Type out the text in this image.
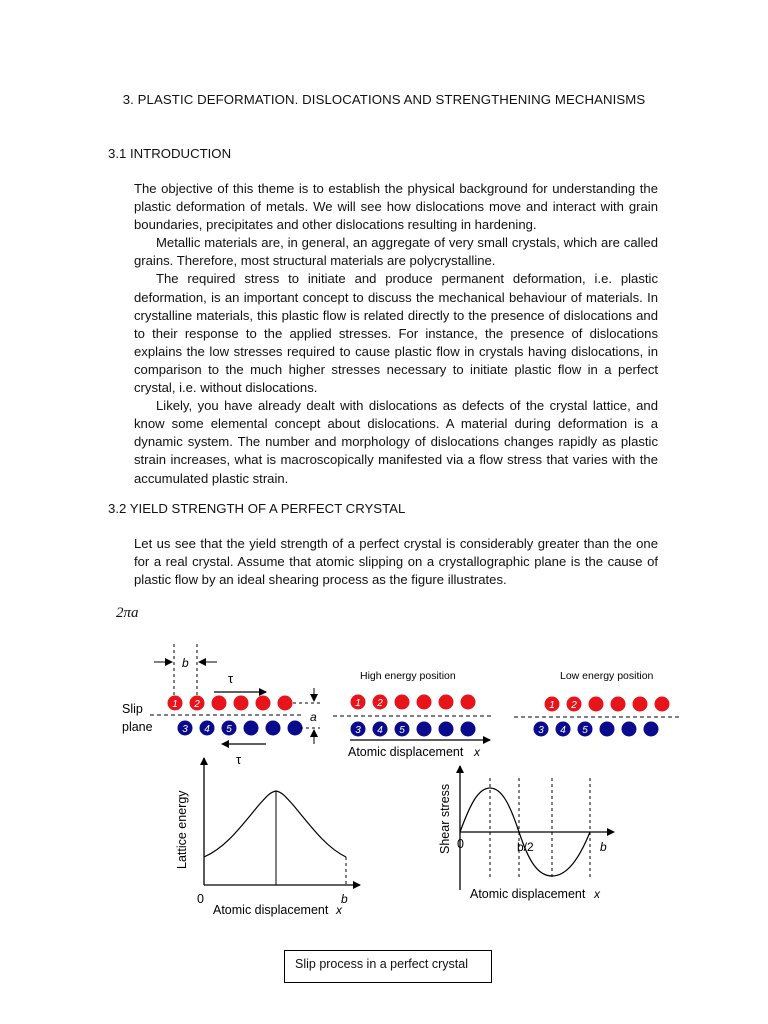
3. PLASTIC DEFORMATION. DISLOCATIONS AND STRENGTHENING MECHANISMS
3.1 INTRODUCTION

The objective of this theme is to establish the physical background for understanding the plastic deformation of metals. We will see how dislocations move and interact with grain boundaries, precipitates and other dislocations resulting in hardening.

Metallic materials are, in general, an aggregate of very small crystals, which are called grains. Therefore, most structural materials are polycrystalline.

The required stress to initiate and produce permanent deformation, i.e. plastic deformation, is an important concept to discuss the mechanical behaviour of materials. In crystalline materials, this plastic flow is related directly to the presence of dislocations and to their response to the applied stresses. For instance, the presence of dislocations explains the low stresses required to cause plastic flow in crystals having dislocations, in comparison to the much higher stresses necessary to initiate plastic flow in a perfect crystal, i.e. without dislocations.

Likely, you have already dealt with dislocations as defects of the crystal lattice, and know some elemental concept about dislocations. A material during deformation is a dynamic system. The number and morphology of dislocations changes rapidly as plastic strain increases, what is macroscopically manifested via a flow stress that varies with the accumulated plastic strain.

3.2 YIELD STRENGTH OF A PERFECT CRYSTAL

Let us see that the yield strength of a perfect crystal is considerably greater than the one for a real crystal. Assume that atomic slipping on a crystallographic plane is the cause of plastic flow by an ideal shearing process as the figure illustrates.

2πa
b
τ
1 2
Slip
plane	3 4 5
τ
a
High energy position
1 2
3 4 5
Atomic displacement x
Low energy position
1 2
3 4 5
Lattice energy
0	b
Atomic displacement x
Shear stress 0	b/2	b
Atomic displacement x
Slip process in a perfect crystal
